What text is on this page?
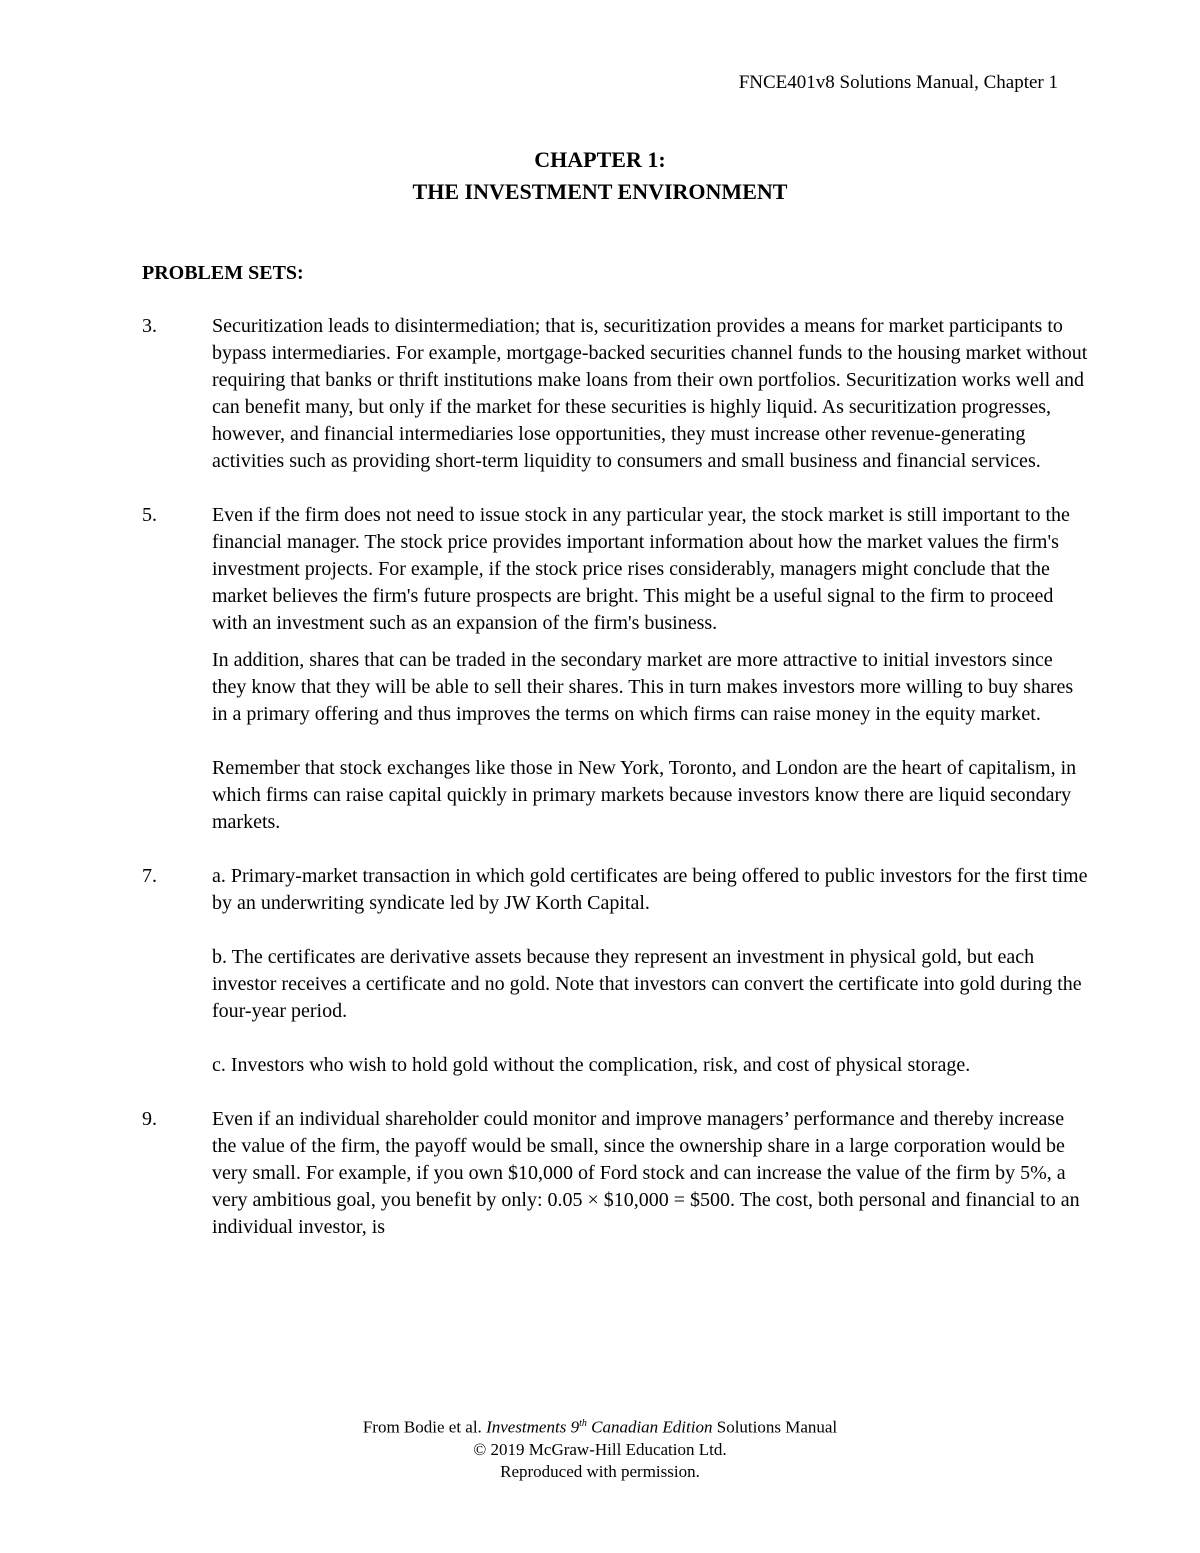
FNCE401v8 Solutions Manual, Chapter 1
CHAPTER 1:
THE INVESTMENT ENVIRONMENT
PROBLEM SETS:
3.	Securitization leads to disintermediation; that is, securitization provides a means for market participants to bypass intermediaries. For example, mortgage-backed securities channel funds to the housing market without requiring that banks or thrift institutions make loans from their own portfolios. Securitization works well and can benefit many, but only if the market for these securities is highly liquid. As securitization progresses, however, and financial intermediaries lose opportunities, they must increase other revenue-generating activities such as providing short-term liquidity to consumers and small business and financial services.

5.	Even if the firm does not need to issue stock in any particular year, the stock market is still important to the financial manager. The stock price provides important information about how the market values the firm's investment projects. For example, if the stock price rises considerably, managers might conclude that the market believes the firm's future prospects are bright. This might be a useful signal to the firm to proceed with an investment such as an expansion of the firm's business.

In addition, shares that can be traded in the secondary market are more attractive to initial investors since they know that they will be able to sell their shares. This in turn makes investors more willing to buy shares in a primary offering and thus improves the terms on which firms can raise money in the equity market.

Remember that stock exchanges like those in New York, Toronto, and London are the heart of capitalism, in which firms can raise capital quickly in primary markets because investors know there are liquid secondary markets.

7.	a. Primary-market transaction in which gold certificates are being offered to public investors for the first time by an underwriting syndicate led by JW Korth Capital.

b. The certificates are derivative assets because they represent an investment in physical gold, but each investor receives a certificate and no gold. Note that investors can convert the certificate into gold during the four-year period.

c. Investors who wish to hold gold without the complication, risk, and cost of physical storage.

9.	Even if an individual shareholder could monitor and improve managers’ performance and thereby increase the value of the firm, the payoff would be small, since the ownership share in a large corporation would be very small. For example, if you own $10,000 of Ford stock and can increase the value of the firm by 5%, a very ambitious goal, you benefit by only: 0.05 × $10,000 = $500. The cost, both personal and financial to an individual investor, is

From Bodie et al. Investments 9th Canadian Edition Solutions Manual
© 2019 McGraw-Hill Education Ltd.
Reproduced with permission.
